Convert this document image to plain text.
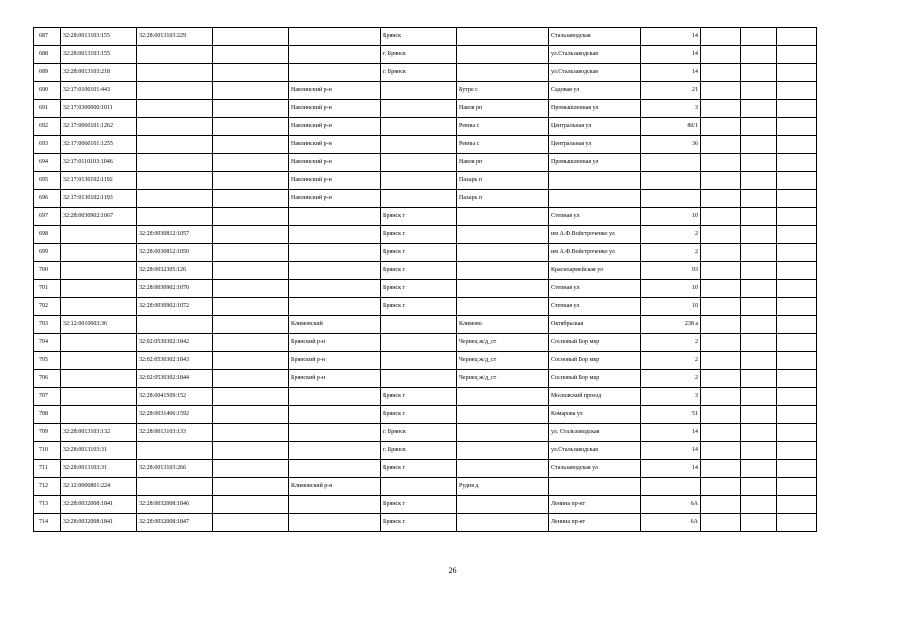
687	32:28:0013103:155	32:28:0013103:229			Брянск		Стальзаводская	14			
688	32:28:0013103:155				г. Брянск		ул.Стальзаводская	14			
689	32:28:0013103:218				г. Брянск		ул.Стальзаводская	14			
690	32:17:0100101:443			Навлинский р-н		Бутре с	Садовая ул	21			
691	32:17:0300000:1011			Навлинский р-н		Навля рп	Промышленная ул	3			
692	32:17:0060101:1262			Навлинский р-н		Ревны с	Центральная ул	80/1			
693	32:17:0060101:1255			Навлинский р-н		Ревны с	Центральная ул	36			
694	32:17:0110103:1046			Навлинский р-н		Навля рп	Промышленная ул				
695	32:17:0130102:1192			Навлинский р-н		Пахарь п					
696	32:17:0130102:1193			Навлинский р-н		Пахарь п					
697	32:28:0030902:1067				Брянск г		Степная ул	10			
698		32:28:0030812:1057			Брянск г		им А.Ф.Войстроченко ул	2			
699		32:28:0030812:1050			Брянск г		им А.Ф.Войстроченко ул	2			
700		32:28:0032305:126			Брянск г		Красноармейская ул	93			
701		32:28:0030902:1070			Брянск г		Степная ул	10			
702		32:28:0030902:1072			Брянск г		Степная ул	10			
703	32:12:0010603:36			Климовский		Климово	Октябрьская	238 а			
704		32:02:0530302:1842		Брянский р-н		Чернец ж/д_ст	Сосновый Бор мкр	2			
705		32:02:0530302:1843		Брянский р-н		Чернец ж/д_ст	Сосновый Бор мкр	2			
706		32:02:0530302:1844		Брянский р-н		Чернец ж/д_ст	Сосновый Бор мкр	2			
707		32:28:0041509:152			Брянск г		Московский проезд	3			
708		32:28:0031406:1592			Брянск г		Комарова ул	51			
709	32:28:0013103:132	32:28:0013103:133			г. Брянск		ул. Стальзаводская	14			
710	32:28:0013103:31				г. Брянск		ул.Стальзаводская	14			
711	32:28:0013103:31	32:28:0013103:266			Брянск г		Стальзаводская ул	14			
712	32:12:0000801:224			Климовский р-н		Рудня д					
713	32:28:0032008:1841	32:28:0032008:1846			Брянск г		Ленина пр-кт	6А			
714	32:28:0032008:1841	32:28:0032008:1847			Брянск г		Ленина пр-кт	6А			
26
